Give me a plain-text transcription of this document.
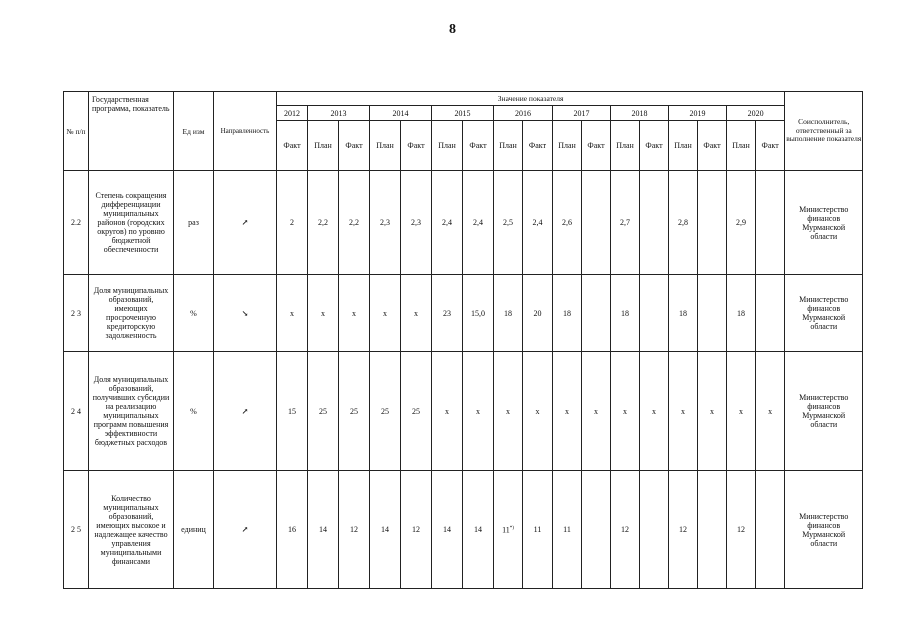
8
№ п/п	Государственная программа, показатель	Ед изм	Направленность	Значение показателя																	Соисполнитель, ответственный за выполнение показателя
				2012	2013		2014		2015		2016		2017		2018		2019		2020		
				Факт	План	Факт	План	Факт	План	Факт	План	Факт	План	Факт	План	Факт	План	Факт	План	Факт	
2.2	Степень сокращения дифференциации муниципальных районов (городских округов) по уровню бюджетной обеспеченности	раз	↗	2	2,2	2,2	2,3	2,3	2,4	2,4	2,5	2,4	2,6		2,7		2,8		2,9		Министерство финансов Мурманской области
2 3	Доля муниципальных образований, имеющих просроченную кредиторскую задолженность	%	↘	x	x	x	x	x	23	15,0	18	20	18		18		18		18		Министерство финансов Мурманской области
2 4	Доля муниципальных образований, получивших субсидии на реализацию муниципальных программ повышения эффективности бюджетных расходов	%	↗	15	25	25	25	25	x	x	x	x	x	x	x	x	x	x	x	x	Министерство финансов Мурманской области
2 5	Количество муниципальных образований, имеющих высокое и надлежащее качество управления муниципальными финансами	единиц	↗	16	14	12	14	12	14	14	11*)	11	11		12		12		12		Министерство финансов Мурманской области
